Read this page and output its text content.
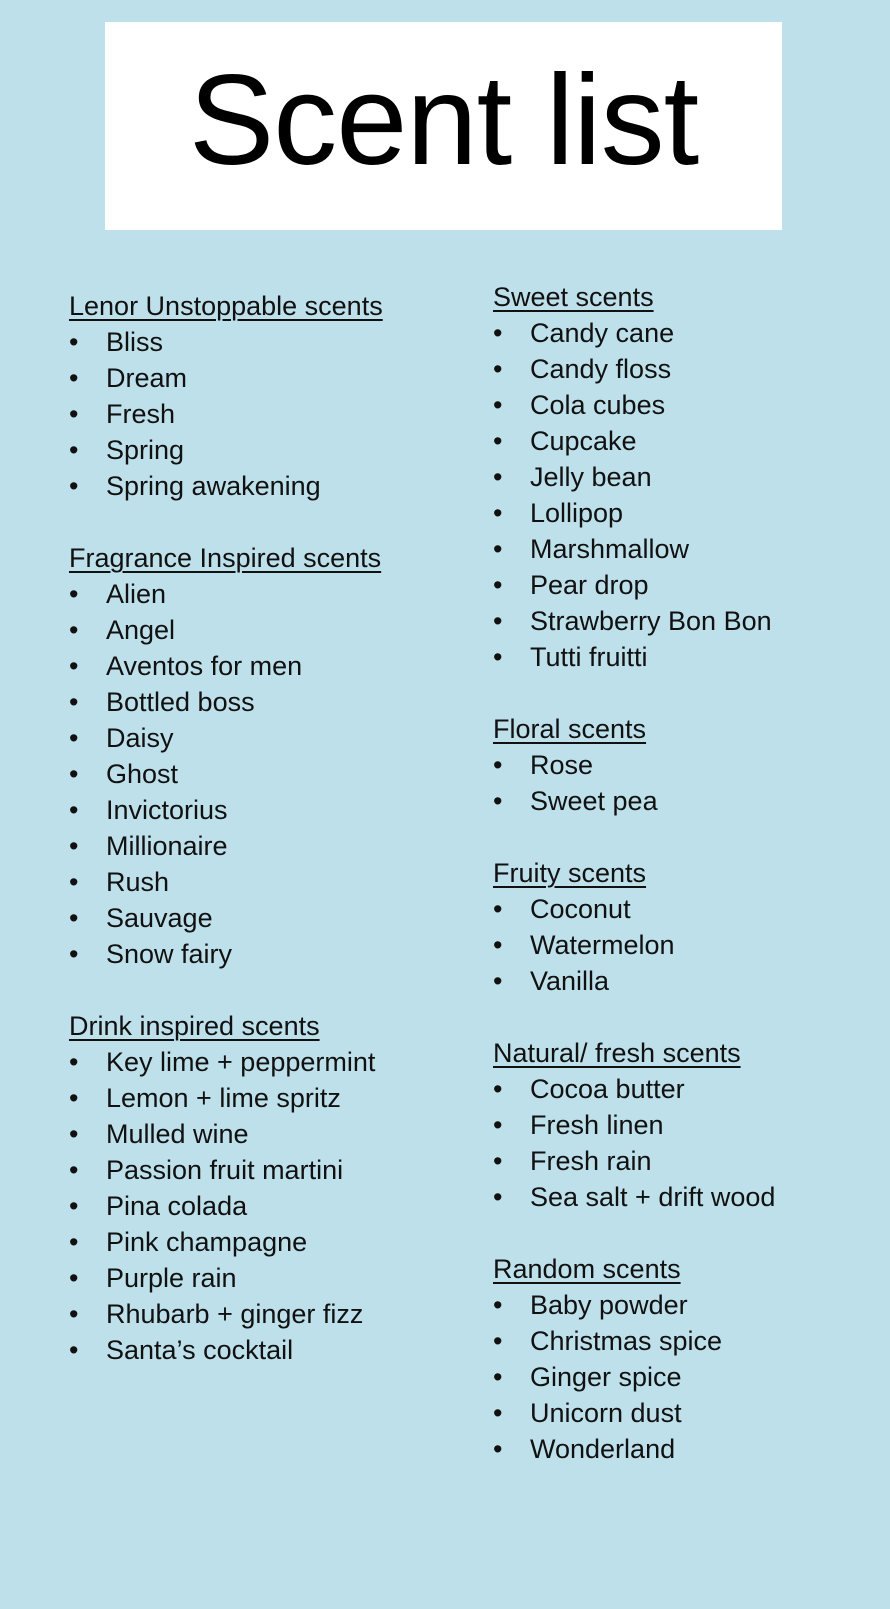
Scent list
Lenor Unstoppable scents
• Bliss
• Dream
• Fresh
• Spring
• Spring awakening
Fragrance Inspired scents
• Alien
• Angel
• Aventos for men
• Bottled boss
• Daisy
• Ghost
• Invictorius
• Millionaire
• Rush
• Sauvage
• Snow fairy
Drink inspired scents
• Key lime + peppermint
• Lemon + lime spritz
• Mulled wine
• Passion fruit martini
• Pina colada
• Pink champagne
• Purple rain
• Rhubarb + ginger fizz
• Santa’s cocktail
Sweet scents
• Candy cane
• Candy floss
• Cola cubes
• Cupcake
• Jelly bean
• Lollipop
• Marshmallow
• Pear drop
• Strawberry Bon Bon
• Tutti fruitti
Floral scents
• Rose
• Sweet pea
Fruity scents
• Coconut
• Watermelon
• Vanilla
Natural/ fresh scents
• Cocoa butter
• Fresh linen
• Fresh rain
• Sea salt + drift wood
Random scents
• Baby powder
• Christmas spice
• Ginger spice
• Unicorn dust
• Wonderland
